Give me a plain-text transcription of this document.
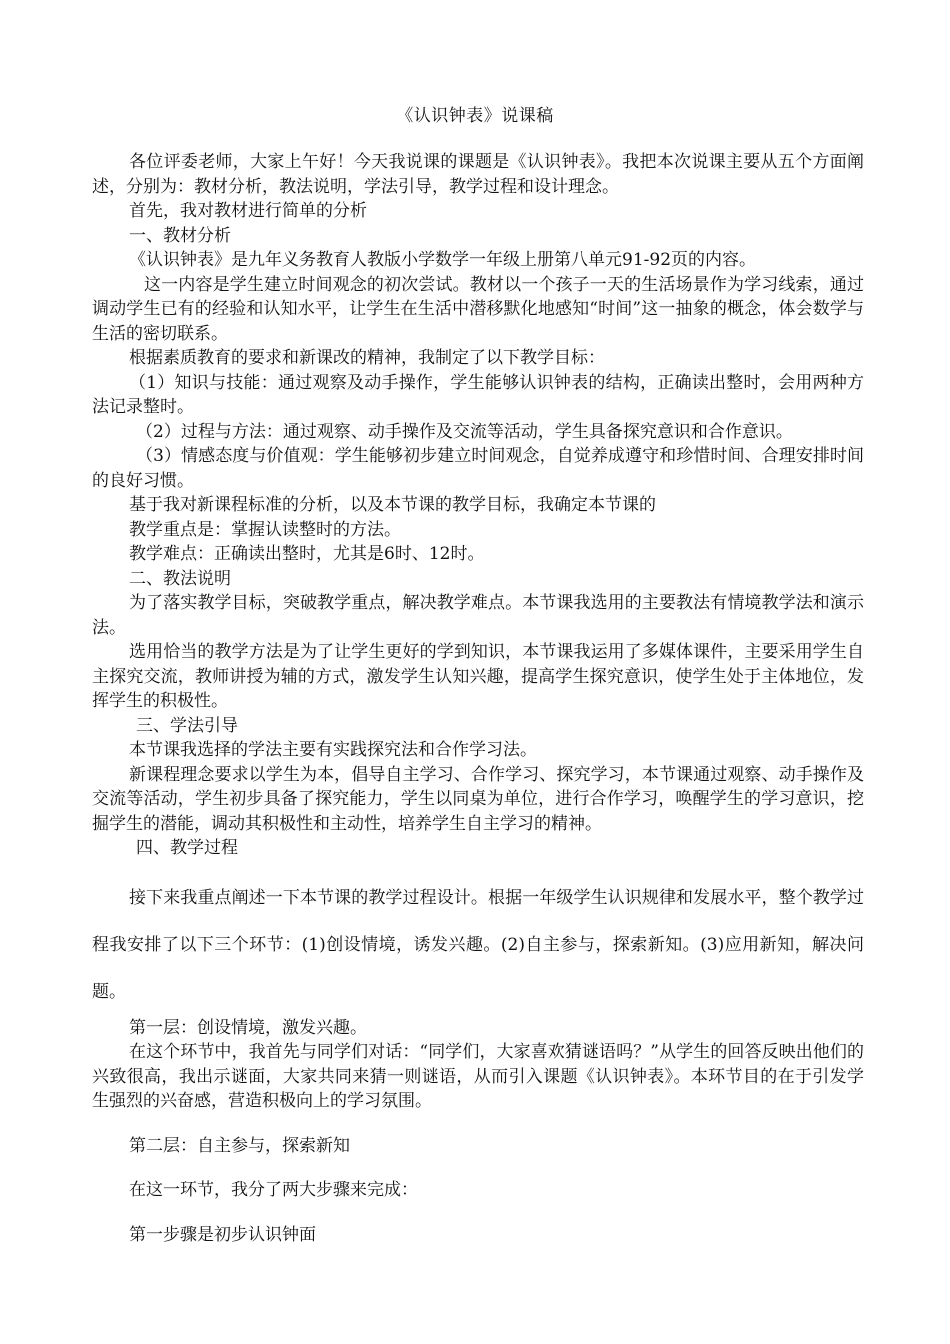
《认识钟表》说课稿

各位评委老师，大家上午好！今天我说课的课题是《认识钟表》。我把本次说课主要从五个方面阐述，分别为：教材分析，教法说明，学法引导，教学过程和设计理念。

首先，我对教材进行简单的分析

一、教材分析

《认识钟表》是九年义务教育人教版小学数学一年级上册第八单元91-92页的内容。

这一内容是学生建立时间观念的初次尝试。教材以一个孩子一天的生活场景作为学习线索，通过调动学生已有的经验和认知水平，让学生在生活中潜移默化地感知“时间”这一抽象的概念，体会数学与生活的密切联系。

根据素质教育的要求和新课改的精神，我制定了以下教学目标：

（1）知识与技能：通过观察及动手操作，学生能够认识钟表的结构，正确读出整时，会用两种方法记录整时。

（2）过程与方法：通过观察、动手操作及交流等活动，学生具备探究意识和合作意识。

（3）情感态度与价值观：学生能够初步建立时间观念，自觉养成遵守和珍惜时间、合理安排时间的良好习惯。

基于我对新课程标准的分析，以及本节课的教学目标，我确定本节课的

教学重点是：掌握认读整时的方法。

教学难点：正确读出整时，尤其是6时、12时。

二、教法说明

为了落实教学目标，突破教学重点，解决教学难点。本节课我选用的主要教法有情境教学法和演示法。

选用恰当的教学方法是为了让学生更好的学到知识，本节课我运用了多媒体课件，主要采用学生自主探究交流，教师讲授为辅的方式，激发学生认知兴趣，提高学生探究意识，使学生处于主体地位，发挥学生的积极性。

三、学法引导

本节课我选择的学法主要有实践探究法和合作学习法。

新课程理念要求以学生为本，倡导自主学习、合作学习、探究学习，本节课通过观察、动手操作及交流等活动，学生初步具备了探究能力，学生以同桌为单位，进行合作学习，唤醒学生的学习意识，挖掘学生的潜能，调动其积极性和主动性，培养学生自主学习的精神。

四、教学过程

接下来我重点阐述一下本节课的教学过程设计。根据一年级学生认识规律和发展水平，整个教学过程我安排了以下三个环节：(1)创设情境，诱发兴趣。(2)自主参与，探索新知。(3)应用新知，解决问题。

第一层：创设情境，激发兴趣。

在这个环节中，我首先与同学们对话：“同学们，大家喜欢猜谜语吗？”从学生的回答反映出他们的兴致很高，我出示谜面，大家共同来猜一则谜语，从而引入课题《认识钟表》。本环节目的在于引发学生强烈的兴奋感，营造积极向上的学习氛围。

第二层：自主参与，探索新知

在这一环节，我分了两大步骤来完成：

第一步骤是初步认识钟面
